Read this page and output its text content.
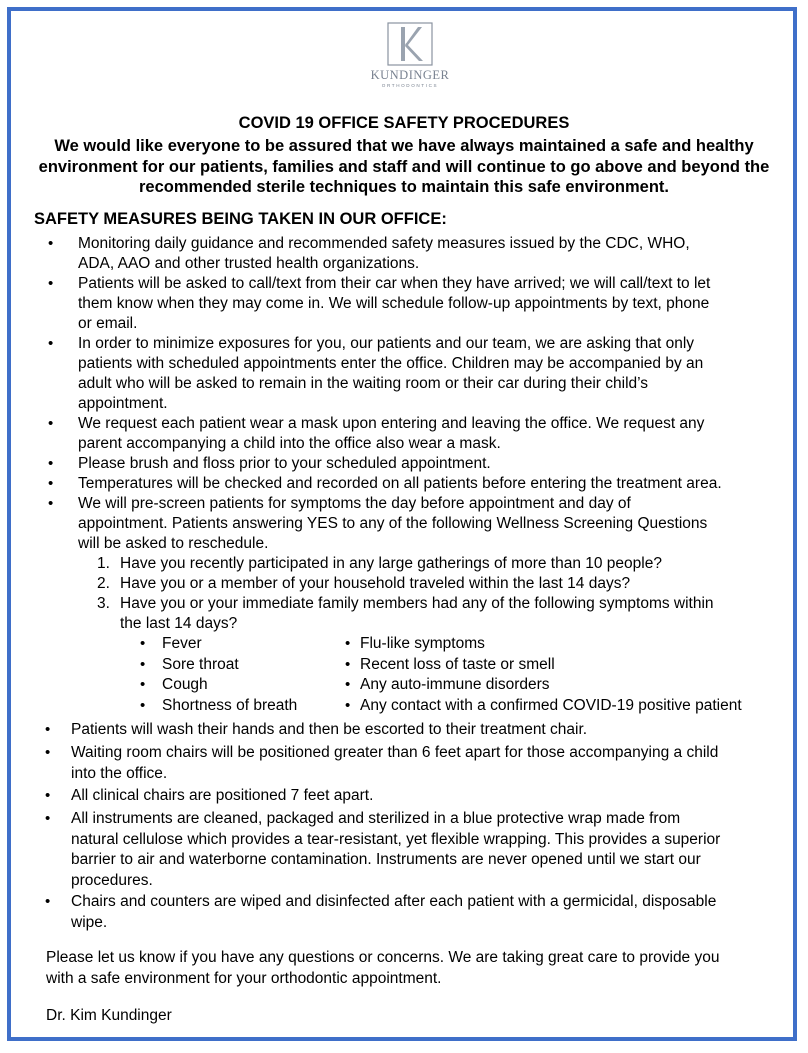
KUNDINGER
ORTHODONTICS
COVID 19 OFFICE SAFETY PROCEDURES
We would like everyone to be assured that we have always maintained a safe and healthy environment for our patients, families and staff and will continue to go above and beyond the recommended sterile techniques to maintain this safe environment.
SAFETY MEASURES BEING TAKEN IN OUR OFFICE:
• Monitoring daily guidance and recommended safety measures issued by the CDC, WHO,
ADA, AAO and other trusted health organizations.
• Patients will be asked to call/text from their car when they have arrived; we will call/text to let
them know when they may come in. We will schedule follow-up appointments by text, phone
or email.
• In order to minimize exposures for you, our patients and our team, we are asking that only
patients with scheduled appointments enter the office. Children may be accompanied by an
adult who will be asked to remain in the waiting room or their car during their child’s
appointment.
• We request each patient wear a mask upon entering and leaving the office. We request any
parent accompanying a child into the office also wear a mask.
• Please brush and floss prior to your scheduled appointment.
• Temperatures will be checked and recorded on all patients before entering the treatment area.
• We will pre-screen patients for symptoms the day before appointment and day of
appointment. Patients answering YES to any of the following Wellness Screening Questions
will be asked to reschedule.
1. Have you recently participated in any large gatherings of more than 10 people?
2. Have you or a member of your household traveled within the last 14 days?
3. Have you or your immediate family members had any of the following symptoms within
the last 14 days?
• Fever
• Sore throat
• Cough
• Shortness of breath
• Flu-like symptoms
• Recent loss of taste or smell
• Any auto-immune disorders
• Any contact with a confirmed COVID-19 positive patient
• Patients will wash their hands and then be escorted to their treatment chair.
• Waiting room chairs will be positioned greater than 6 feet apart for those accompanying a child
into the office.
• All clinical chairs are positioned 7 feet apart.
• All instruments are cleaned, packaged and sterilized in a blue protective wrap made from
natural cellulose which provides a tear-resistant, yet flexible wrapping. This provides a superior
barrier to air and waterborne contamination. Instruments are never opened until we start our
procedures.
• Chairs and counters are wiped and disinfected after each patient with a germicidal, disposable
wipe.
Please let us know if you have any questions or concerns. We are taking great care to provide you
with a safe environment for your orthodontic appointment.
Dr. Kim Kundinger
